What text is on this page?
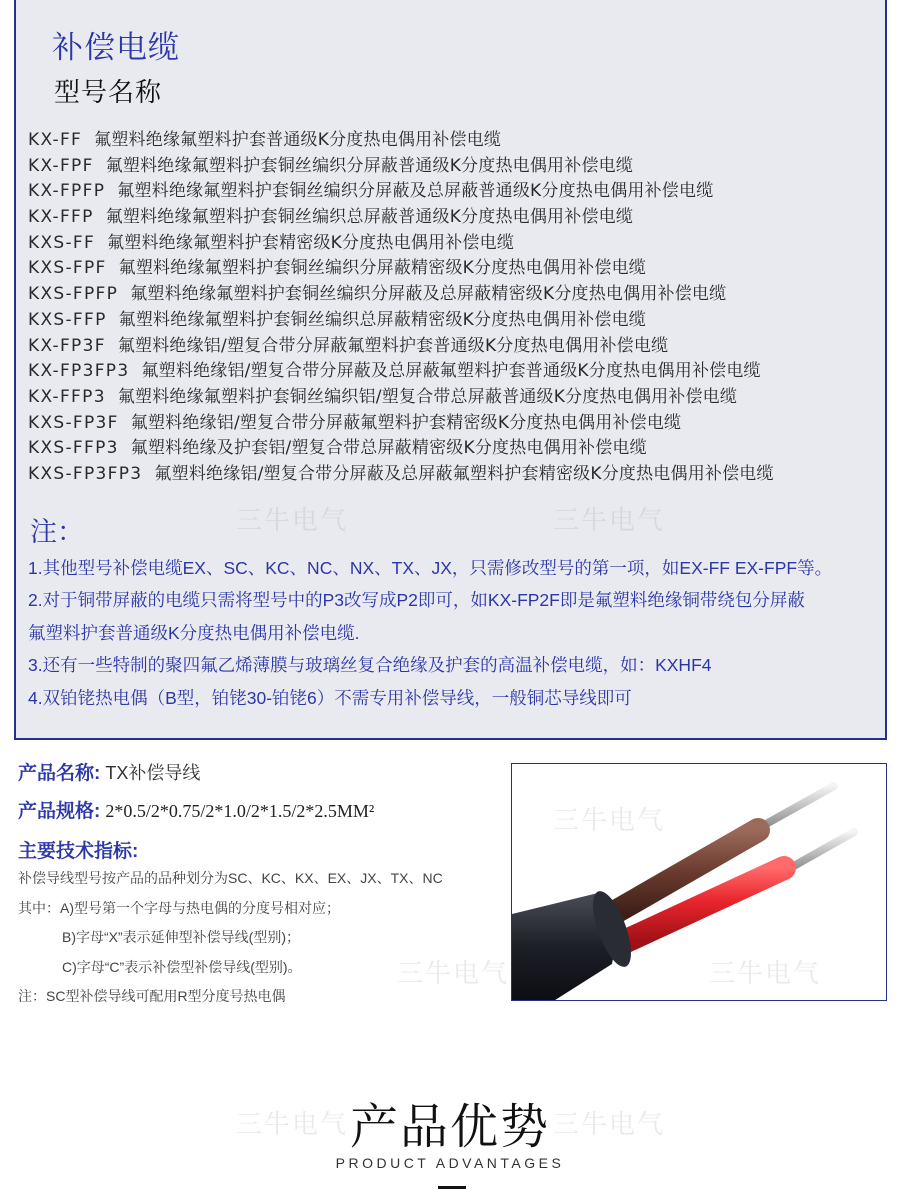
补偿电缆
型号名称
KX-FF 氟塑料绝缘氟塑料护套普通级K分度热电偶用补偿电缆
KX-FPF 氟塑料绝缘氟塑料护套铜丝编织分屏蔽普通级K分度热电偶用补偿电缆
KX-FPFP 氟塑料绝缘氟塑料护套铜丝编织分屏蔽及总屏蔽普通级K分度热电偶用补偿电缆
KX-FFP 氟塑料绝缘氟塑料护套铜丝编织总屏蔽普通级K分度热电偶用补偿电缆
KXS-FF 氟塑料绝缘氟塑料护套精密级K分度热电偶用补偿电缆
KXS-FPF 氟塑料绝缘氟塑料护套铜丝编织分屏蔽精密级K分度热电偶用补偿电缆
KXS-FPFP 氟塑料绝缘氟塑料护套铜丝编织分屏蔽及总屏蔽精密级K分度热电偶用补偿电缆
KXS-FFP 氟塑料绝缘氟塑料护套铜丝编织总屏蔽精密级K分度热电偶用补偿电缆
KX-FP3F 氟塑料绝缘铝/塑复合带分屏蔽氟塑料护套普通级K分度热电偶用补偿电缆
KX-FP3FP3 氟塑料绝缘铝/塑复合带分屏蔽及总屏蔽氟塑料护套普通级K分度热电偶用补偿电缆
KX-FFP3 氟塑料绝缘氟塑料护套铜丝编织铝/塑复合带总屏蔽普通级K分度热电偶用补偿电缆
KXS-FP3F 氟塑料绝缘铝/塑复合带分屏蔽氟塑料护套精密级K分度热电偶用补偿电缆
KXS-FFP3 氟塑料绝缘及护套铝/塑复合带总屏蔽精密级K分度热电偶用补偿电缆
KXS-FP3FP3 氟塑料绝缘铝/塑复合带分屏蔽及总屏蔽氟塑料护套精密级K分度热电偶用补偿电缆
注：
1.其他型号补偿电缆EX、SC、KC、NC、NX、TX、JX，只需修改型号的第一项，如EX-FF EX-FPF等。
2.对于铜带屏蔽的电缆只需将型号中的P3改写成P2即可，如KX-FP2F即是氟塑料绝缘铜带绕包分屏蔽
氟塑料护套普通级K分度热电偶用补偿电缆.
3.还有一些特制的聚四氟乙烯薄膜与玻璃丝复合绝缘及护套的高温补偿电缆，如：KXHF4
4.双铂铑热电偶（B型，铂铑30-铂铑6）不需专用补偿导线，一般铜芯导线即可
产品名称: TX补偿导线
产品规格: 2*0.5/2*0.75/2*1.0/2*1.5/2*2.5MM²
主要技术指标:
补偿导线型号按产品的品种划分为SC、KC、KX、EX、JX、TX、NC
其中：A)型号第一个字母与热电偶的分度号相对应；
B)字母“X”表示延伸型补偿导线(型别)；
C)字母“C”表示补偿型补偿导线(型别)。
注：SC型补偿导线可配用R型分度号热电偶
产品优势
PRODUCT ADVANTAGES
三牛电气
三牛电气	三牛电气
